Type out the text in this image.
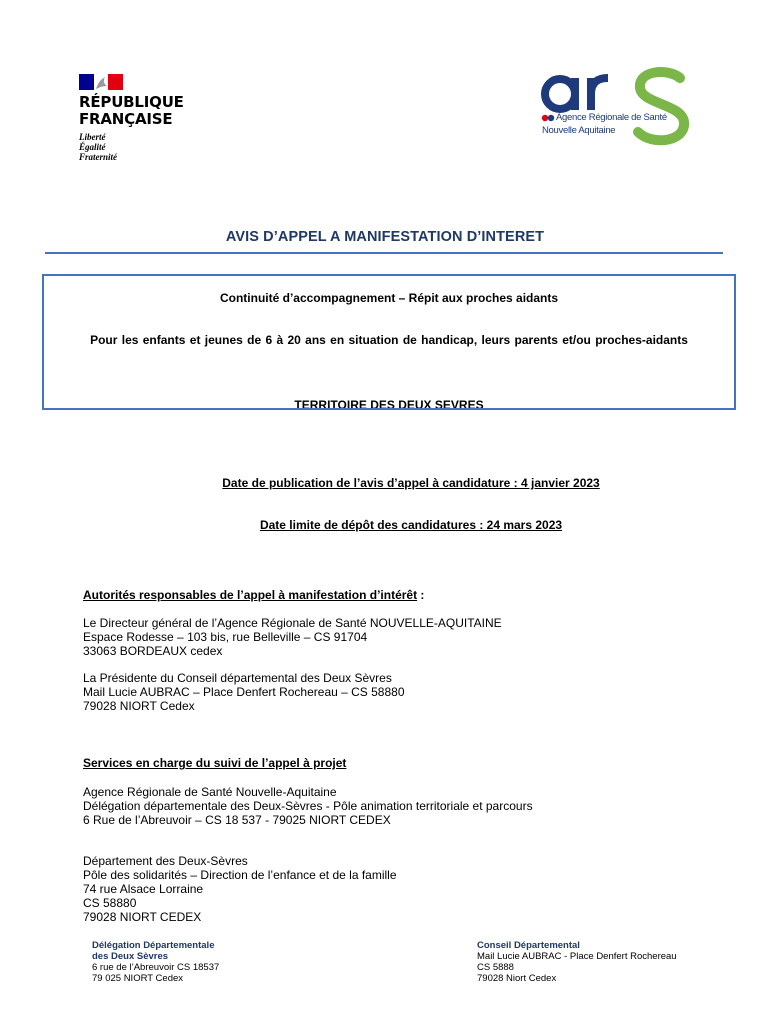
RÉPUBLIQUE
FRANÇAISE
Liberté
Égalité
Fraternité
Agence Régionale de Santé
Nouvelle Aquitaine
AVIS D’APPEL A MANIFESTATION D’INTERET
Continuité d’accompagnement – Répit aux proches aidants
Pour les enfants et jeunes de 6 à 20 ans en situation de handicap, leurs parents et/ou proches-aidants
TERRITOIRE DES DEUX SEVRES
Date de publication de l’avis d’appel à candidature : 4 janvier 2023
Date limite de dépôt des candidatures : 24 mars 2023
Autorités responsables de l’appel à manifestation d’intérêt :
Le Directeur général de l’Agence Régionale de Santé NOUVELLE-AQUITAINE
Espace Rodesse – 103 bis, rue Belleville – CS 91704
33063 BORDEAUX cedex
La Présidente du Conseil départemental des Deux Sèvres
Mail Lucie AUBRAC – Place Denfert Rochereau – CS 58880
79028 NIORT Cedex
Services en charge du suivi de l’appel à projet
Agence Régionale de Santé Nouvelle-Aquitaine
Délégation départementale des Deux-Sèvres - Pôle animation territoriale et parcours
6 Rue de l’Abreuvoir – CS 18 537 - 79025 NIORT CEDEX
Département des Deux-Sèvres
Pôle des solidarités – Direction de l’enfance et de la famille
74 rue Alsace Lorraine
CS 58880
79028 NIORT CEDEX
Délégation Départementale
des Deux Sèvres
6 rue de l’Abreuvoir CS 18537
79 025 NIORT Cedex
Conseil Départemental
Mail Lucie AUBRAC - Place Denfert Rochereau
CS 5888
79028 Niort Cedex
